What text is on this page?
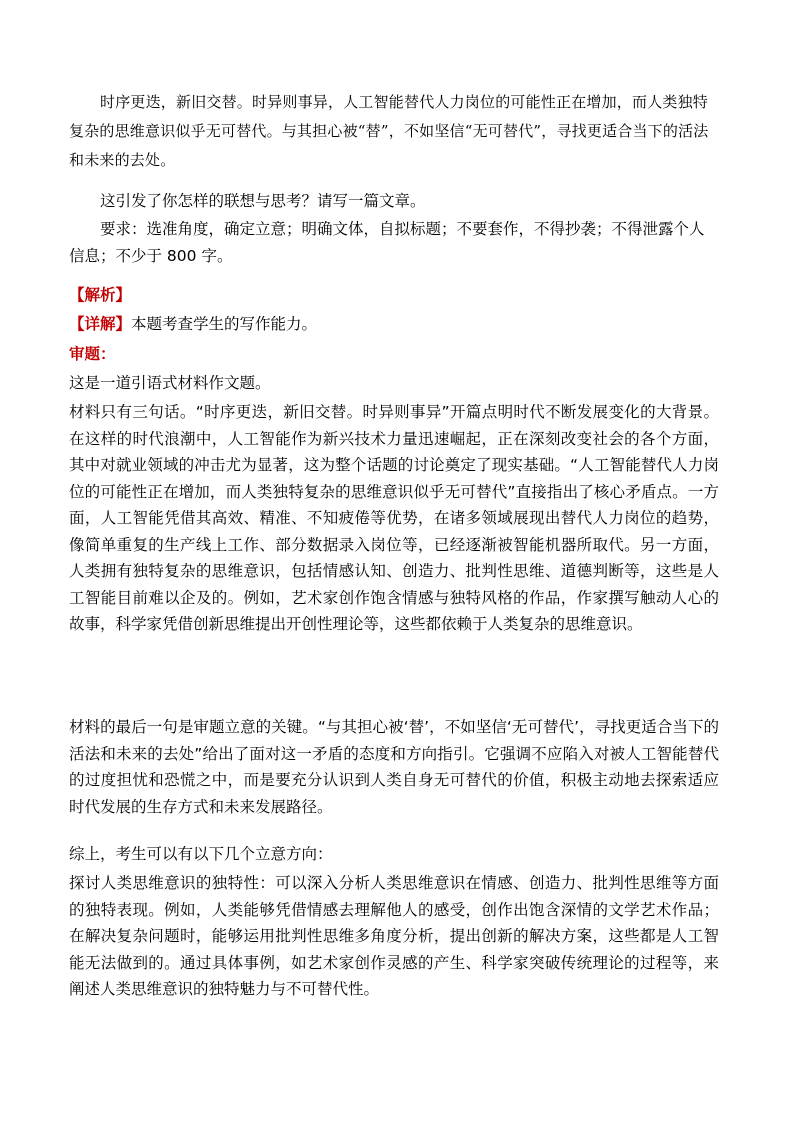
时序更迭，新旧交替。时异则事异，人工智能替代人力岗位的可能性正在增加，而人类独特复杂的思维意识似乎无可替代。与其担心被“替”，不如坚信“无可替代”，寻找更适合当下的活法和未来的去处。

这引发了你怎样的联想与思考？请写一篇文章。

要求：选准角度，确定立意；明确文体，自拟标题；不要套作，不得抄袭；不得泄露个人信息；不少于 800 字。

【解析】

【详解】本题考查学生的写作能力。

审题：

这是一道引语式材料作文题。

材料只有三句话。“时序更迭，新旧交替。时异则事异”开篇点明时代不断发展变化的大背景。在这样的时代浪潮中，人工智能作为新兴技术力量迅速崛起，正在深刻改变社会的各个方面，其中对就业领域的冲击尤为显著，这为整个话题的讨论奠定了现实基础。“人工智能替代人力岗位的可能性正在增加，而人类独特复杂的思维意识似乎无可替代”直接指出了核心矛盾点。一方面，人工智能凭借其高效、精准、不知疲倦等优势，在诸多领域展现出替代人力岗位的趋势，像简单重复的生产线上工作、部分数据录入岗位等，已经逐渐被智能机器所取代。另一方面，人类拥有独特复杂的思维意识，包括情感认知、创造力、批判性思维、道德判断等，这些是人工智能目前难以企及的。例如，艺术家创作饱含情感与独特风格的作品，作家撰写触动人心的故事，科学家凭借创新思维提出开创性理论等，这些都依赖于人类复杂的思维意识。

材料的最后一句是审题立意的关键。“与其担心被‘替’，不如坚信‘无可替代’，寻找更适合当下的活法和未来的去处”给出了面对这一矛盾的态度和方向指引。它强调不应陷入对被人工智能替代的过度担忧和恐慌之中，而是要充分认识到人类自身无可替代的价值，积极主动地去探索适应时代发展的生存方式和未来发展路径。

综上，考生可以有以下几个立意方向：

探讨人类思维意识的独特性：可以深入分析人类思维意识在情感、创造力、批判性思维等方面的独特表现。例如，人类能够凭借情感去理解他人的感受，创作出饱含深情的文学艺术作品；在解决复杂问题时，能够运用批判性思维多角度分析，提出创新的解决方案，这些都是人工智能无法做到的。通过具体事例，如艺术家创作灵感的产生、科学家突破传统理论的过程等，来阐述人类思维意识的独特魅力与不可替代性。
